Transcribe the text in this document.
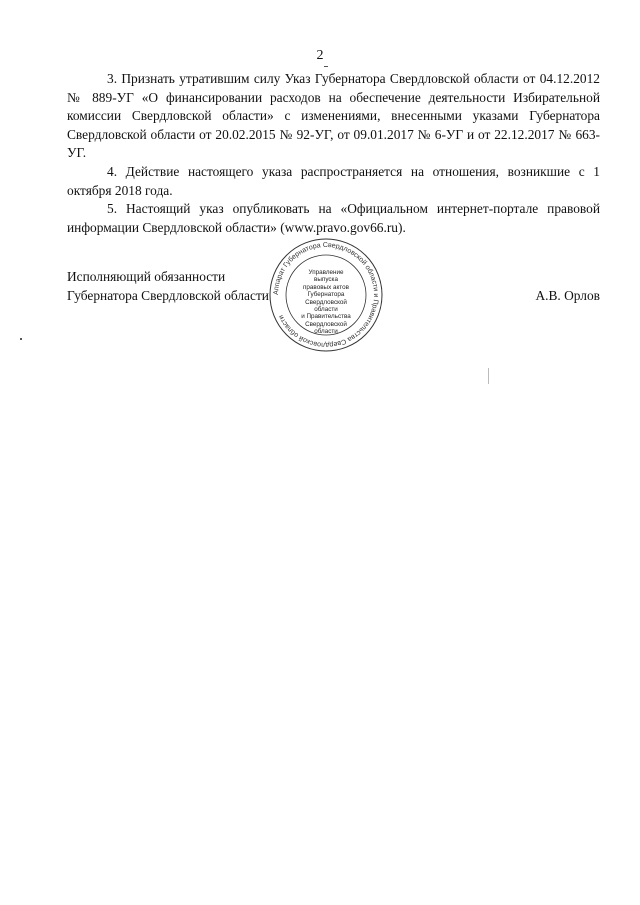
2

3. Признать утратившим силу Указ Губернатора Свердловской области от 04.12.2012 № 889-УГ «О финансировании расходов на обеспечение деятельности Избирательной комиссии Свердловской области» с изменениями, внесенными указами Губернатора Свердловской области от 20.02.2015 № 92-УГ, от 09.01.2017 № 6-УГ и от 22.12.2017 № 663-УГ.

4. Действие настоящего указа распространяется на отношения, возникшие с 1 октября 2018 года.

5. Настоящий указ опубликовать на «Официальном интернет-портале правовой информации Свердловской области» (www.pravo.gov66.ru).

Исполняющий обязанности
Губернатора Свердловской области	А.В. Орлов
Аппарат Губернатора Свердловской области и Правительства Свердловской области
Управление
выпуска
правовых актов
Губернатора
Свердловской области
и Правительства
Свердловской
области
